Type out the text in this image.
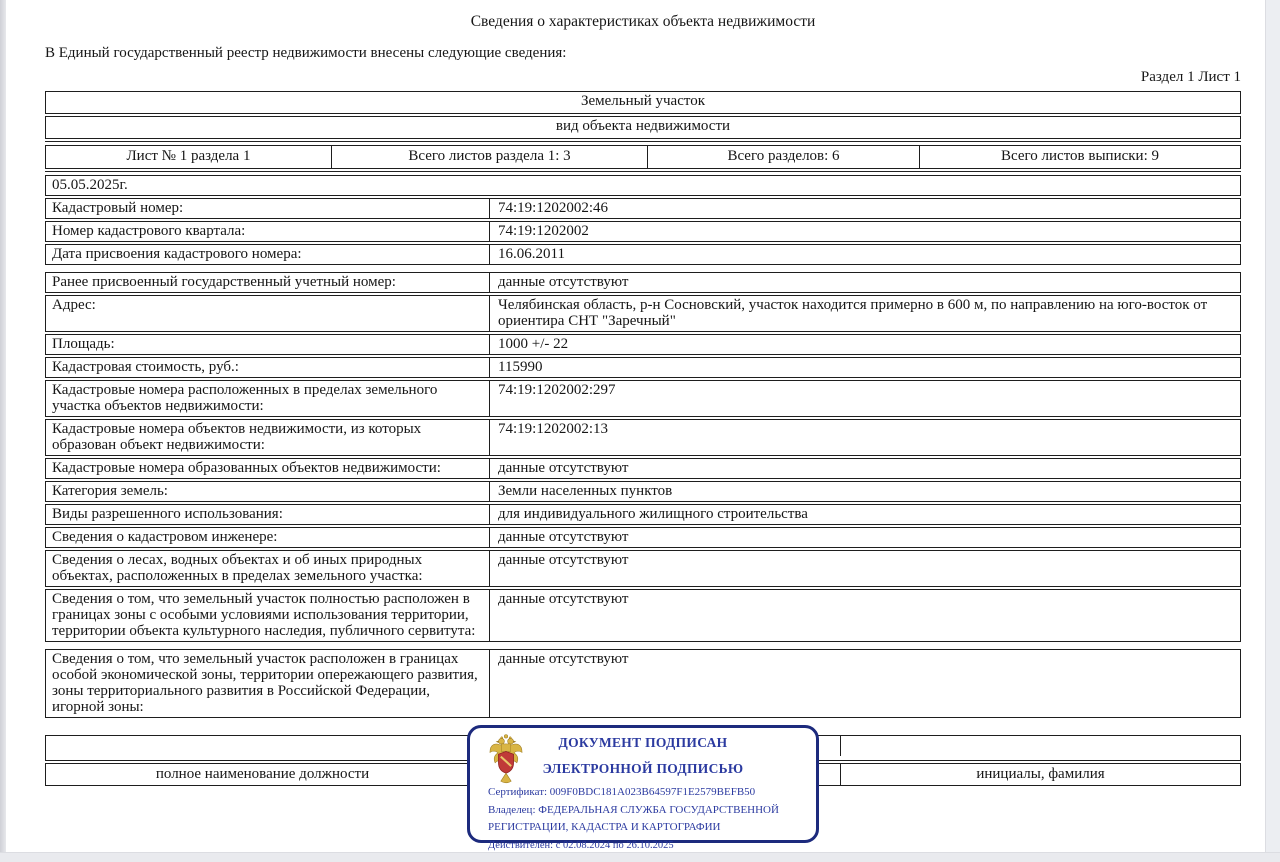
Сведения о характеристиках объекта недвижимости
В Единый государственный реестр недвижимости внесены следующие сведения:
Раздел 1 Лист 1
Земельный участок
вид объекта недвижимости
Лист № 1 раздела 1	Всего листов раздела 1: 3	Всего разделов: 6	Всего листов выписки: 9
05.05.2025г.
Кадастровый номер:	74:19:1202002:46
Номер кадастрового квартала:	74:19:1202002
Дата присвоения кадастрового номера:	16.06.2011
Ранее присвоенный государственный учетный номер:	данные отсутствуют
Адрес:	Челябинская область, р-н Сосновский, участок находится примерно в 600 м, по направлению на юго-восток от ориентира СНТ "Заречный"
Площадь:	1000 +/- 22
Кадастровая стоимость, руб.:	115990
Кадастровые номера расположенных в пределах земельного участка объектов недвижимости:
74:19:1202002:297
Кадастровые номера объектов недвижимости, из которых образован объект недвижимости:
74:19:1202002:13
Кадастровые номера образованных объектов недвижимости:	данные отсутствуют
Категория земель:	Земли населенных пунктов
Виды разрешенного использования:	для индивидуального жилищного строительства
Сведения о кадастровом инженере:	данные отсутствуют
Сведения о лесах, водных объектах и об иных природных объектах, расположенных в пределах земельного участка:
данные отсутствуют
Сведения о том, что земельный участок полностью расположен в границах зоны с особыми условиями использования территории, территории объекта культурного наследия, публичного сервитута:
данные отсутствуют
Сведения о том, что земельный участок расположен в границах особой экономической зоны, территории опережающего развития, зоны территориального развития в Российской Федерации, игорной зоны:
данные отсутствуют
полное наименование должности	инициалы, фамилия
ДОКУМЕНТ ПОДПИСАН
ЭЛЕКТРОННОЙ ПОДПИСЬЮ
Сертификат: 009F0BDC181A023B64597F1E2579BEFB50
Владелец: ФЕДЕРАЛЬНАЯ СЛУЖБА ГОСУДАРСТВЕННОЙ
РЕГИСТРАЦИИ, КАДАСТРА И КАРТОГРАФИИ
Действителен: с 02.08.2024 по 26.10.2025
